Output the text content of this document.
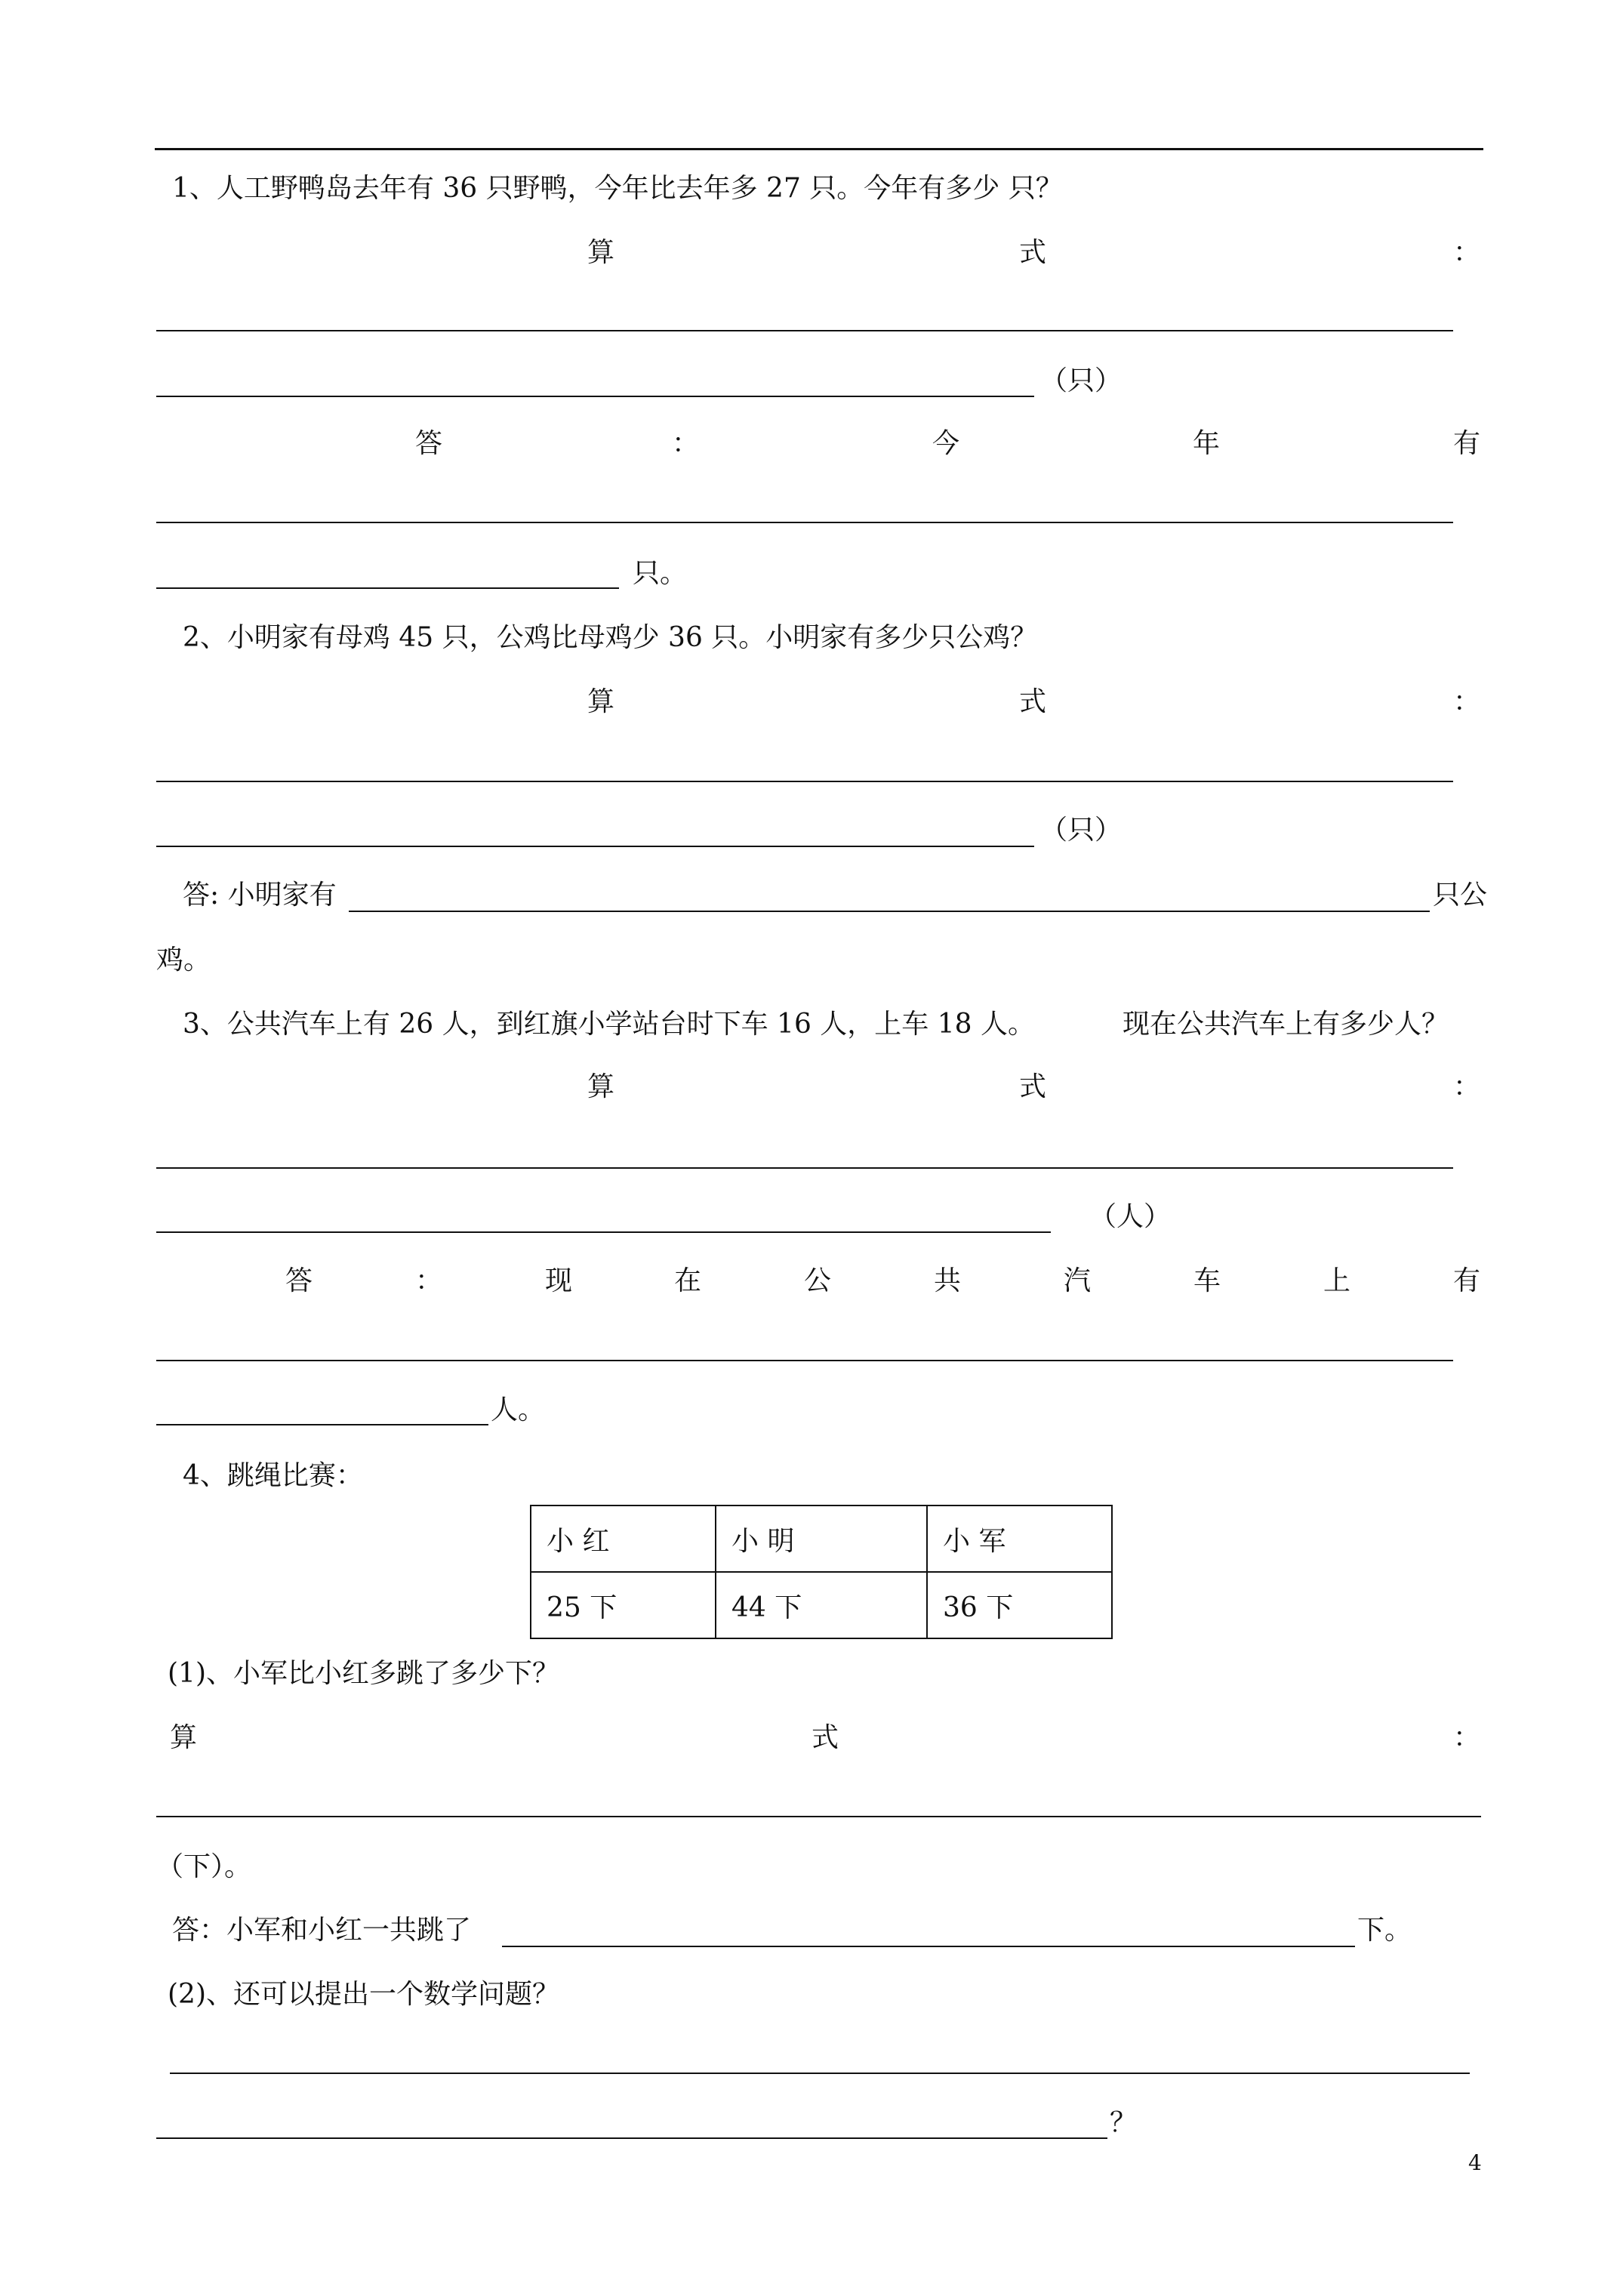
1、人工野鸭岛去年有 36 只野鸭，今年比去年多 27 只。今年有多少 只？
算	式	：
（只）
答	：	今	年	有
只。
2、小明家有母鸡 45 只，公鸡比母鸡少 36 只。小明家有多少只公鸡？
算	式	：
（只）
答: 小明家有	只公
鸡。
3、公共汽车上有 26 人，到红旗小学站台时下车 16 人，上车 18 人。	现在公共汽车上有多少人？
算	式	：
（人）
答	：	现	在	公	共	汽	车	上	有
人。
4、跳绳比赛：
小 红	小 明	小 军
25 下	44 下	36 下
(1)、小军比小红多跳了多少下？
算	式	：
（下）。
答：小军和小红一共跳了	下。
(2)、还可以提出一个数学问题？
？
4
